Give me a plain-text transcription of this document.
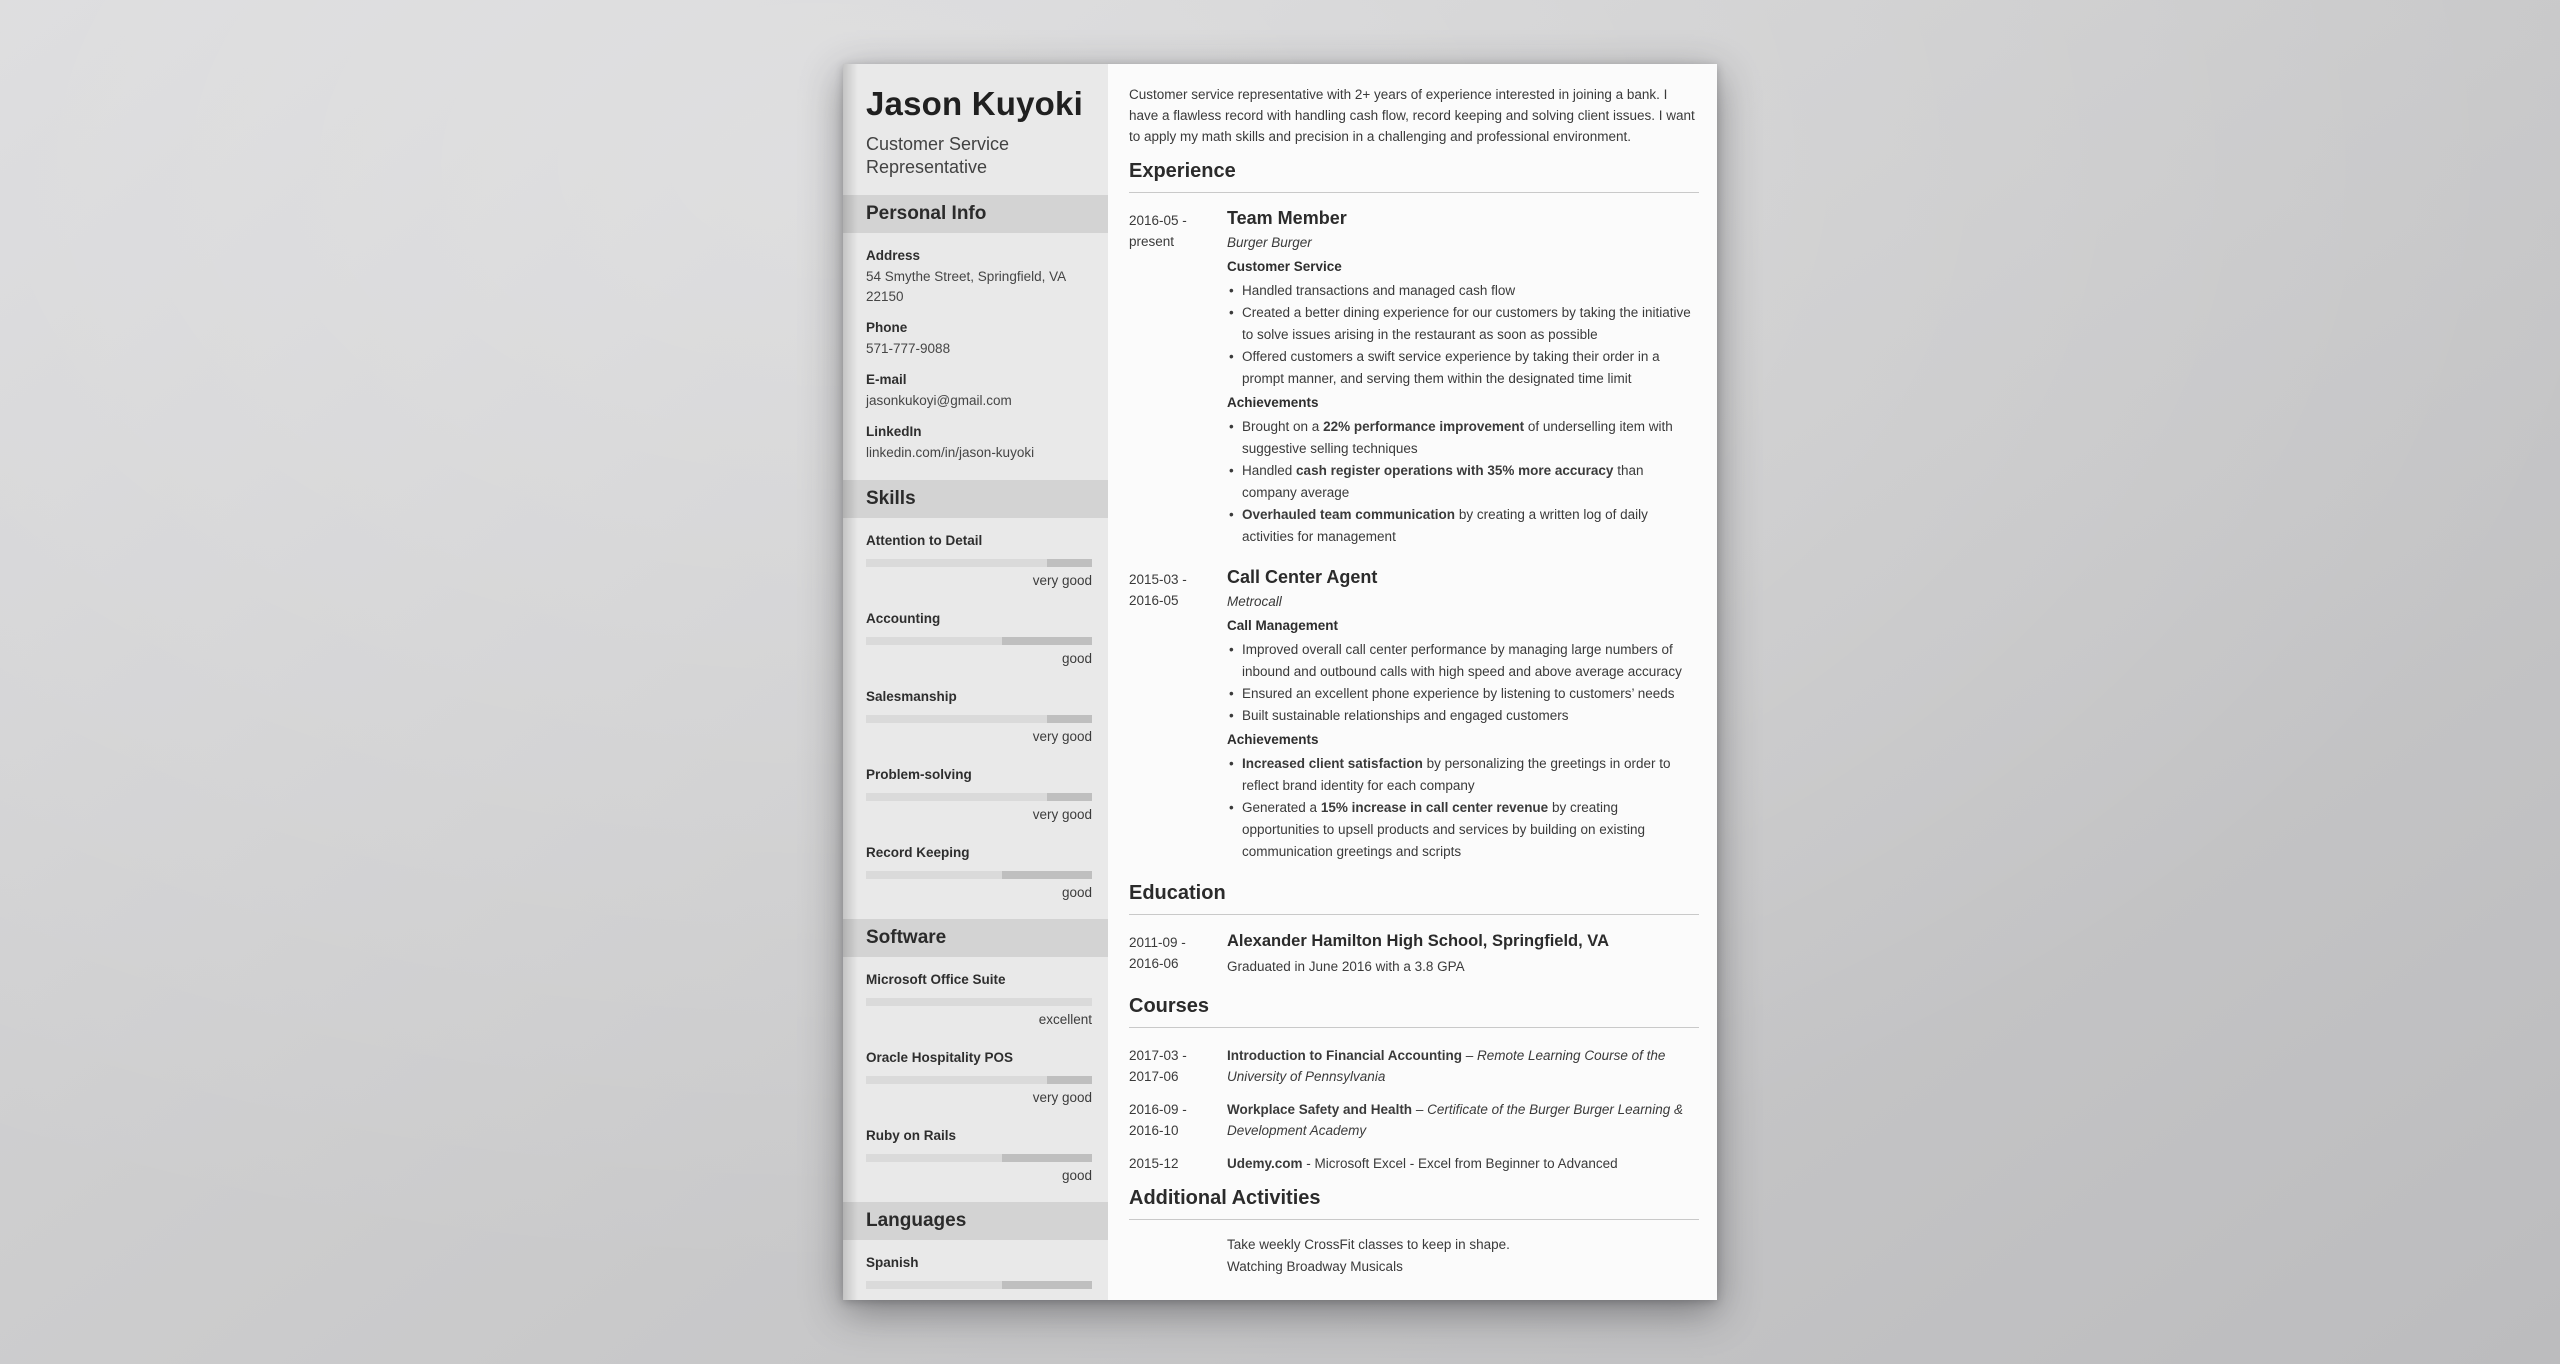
Jason Kuyoki
Customer Service Representative
Personal Info
Address
54 Smythe Street, Springfield, VA 22150
Phone
571-777-9088
E-mail
jasonkukoyi@gmail.com
LinkedIn
linkedin.com/in/jason-kuyoki
Skills
Attention to Detail
very good
Accounting
good
Salesmanship
very good
Problem-solving
very good
Record Keeping
good
Software
Microsoft Office Suite
excellent
Oracle Hospitality POS
very good
Ruby on Rails
good
Languages
Spanish

Customer service representative with 2+ years of experience interested in joining a bank. I have a flawless record with handling cash flow, record keeping and solving client issues. I want to apply my math skills and precision in a challenging and professional environment.

Experience
2016-05 -
present
Team Member
Burger Burger
Customer Service
• Handled transactions and managed cash flow
• Created a better dining experience for our customers by taking the initiative to solve issues arising in the restaurant as soon as possible
• Offered customers a swift service experience by taking their order in a prompt manner, and serving them within the designated time limit
Achievements
• Brought on a 22% performance improvement of underselling item with suggestive selling techniques
• Handled cash register operations with 35% more accuracy than company average
• Overhauled team communication by creating a written log of daily activities for management
2015-03 -
2016-05
Call Center Agent
Metrocall
Call Management
• Improved overall call center performance by managing large numbers of inbound and outbound calls with high speed and above average accuracy
• Ensured an excellent phone experience by listening to customers’ needs
• Built sustainable relationships and engaged customers
Achievements
• Increased client satisfaction by personalizing the greetings in order to reflect brand identity for each company
• Generated a 15% increase in call center revenue by creating opportunities to upsell products and services by building on existing communication greetings and scripts
Education
2011-09 -
2016-06
Alexander Hamilton High School, Springfield, VA
Graduated in June 2016 with a 3.8 GPA
Courses
2017-03 -
2017-06
Introduction to Financial Accounting – Remote Learning Course of the University of Pennsylvania
2016-09 -
2016-10
Workplace Safety and Health – Certificate of the Burger Burger Learning & Development Academy
2015-12	Udemy.com - Microsoft Excel - Excel from Beginner to Advanced
Additional Activities
Take weekly CrossFit classes to keep in shape.
Watching Broadway Musicals
